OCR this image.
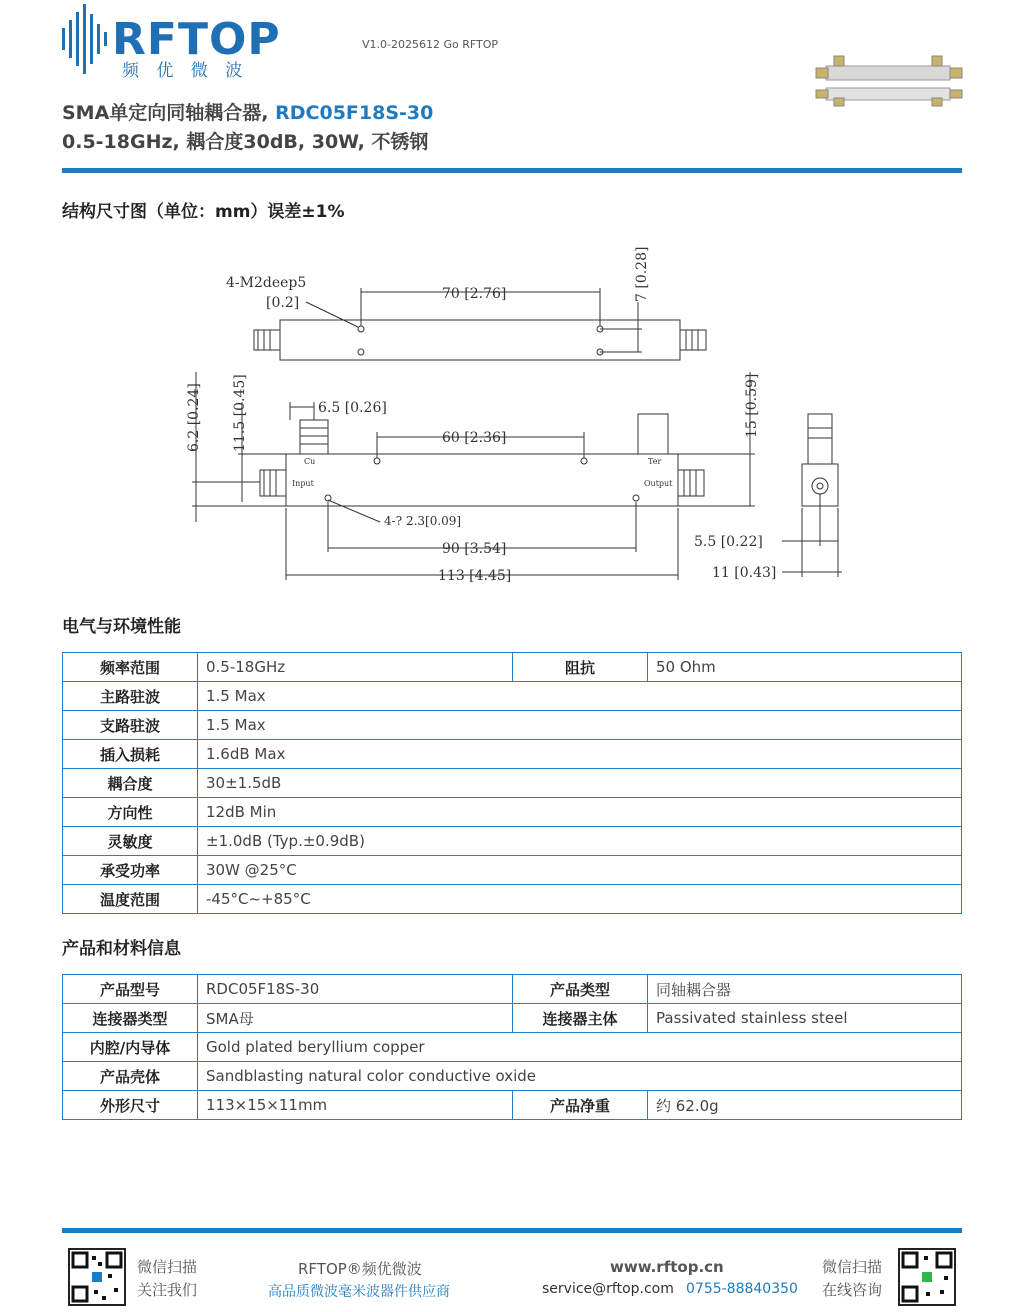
RFTOP
频 优 微 波
V1.0-2025612 Go RFTOP
SMA单定向同轴耦合器, RDC05F18S-30
0.5-18GHz, 耦合度30dB, 30W, 不锈钢
结构尺寸图（单位：mm）误差±1%
4-M2deep5
[0.2]
70 [2.76]	7 [0.28]
6.2 [0.24] 11.5 [0.45]	6.5 [0.26]
60 [2.36]	15 [0.59]
4-? 2.3[0.09]
90 [3.54]
113 [4.45]
5.5 [0.22]
11 [0.43]
Cu	Ter
Input	Output
电气与环境性能
频率范围	0.5-18GHz	阻抗	50 Ohm
主路驻波	1.5 Max		
支路驻波	1.5 Max		
插入损耗	1.6dB Max		
耦合度	30±1.5dB		
方向性	12dB Min		
灵敏度	±1.0dB (Typ.±0.9dB)		
承受功率	30W @25°C		
温度范围	-45°C~+85°C		
产品和材料信息
产品型号	RDC05F18S-30	产品类型	同轴耦合器
连接器类型	SMA母	连接器主体	Passivated stainless steel
内腔/内导体	Gold plated beryllium copper		
产品壳体	Sandblasting natural color conductive oxide		
外形尺寸	113×15×11mm	产品净重	约 62.0g
微信扫描
关注我们
RFTOP®频优微波
高品质微波毫米波器件供应商
www.rftop.cn
service@rftop.com 0755-88840350
微信扫描
在线咨询
